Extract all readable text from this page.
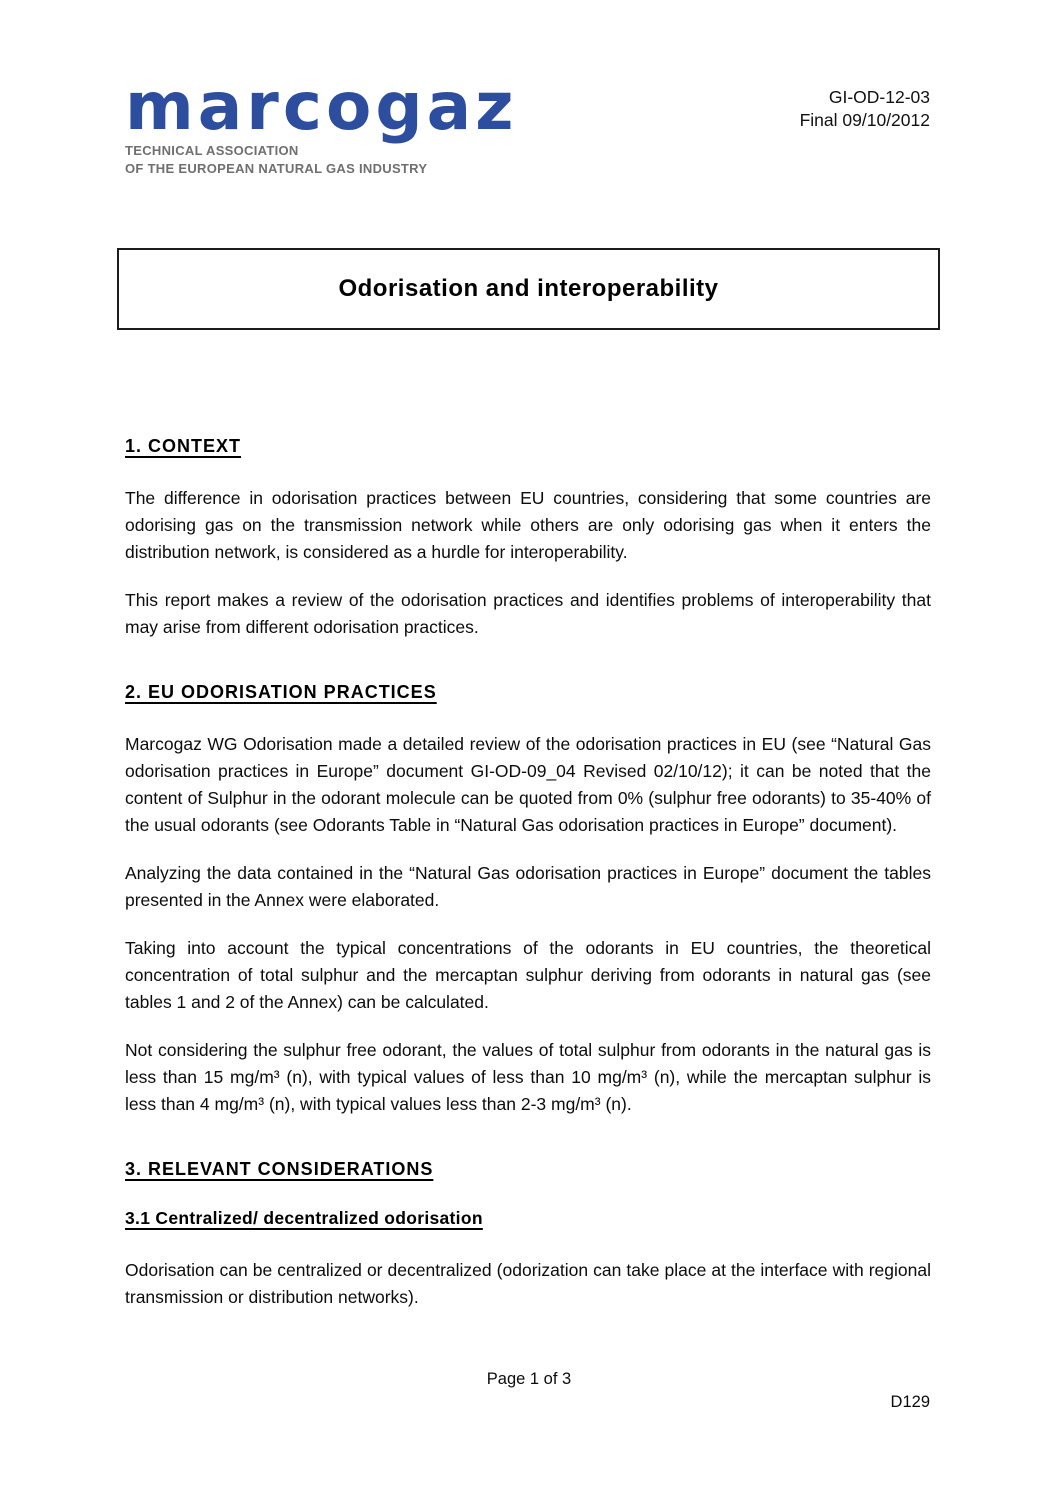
marcogaz
TECHNICAL ASSOCIATION
OF THE EUROPEAN NATURAL GAS INDUSTRY
GI-OD-12-03
Final 09/10/2012
Odorisation and interoperability
1. CONTEXT

The difference in odorisation practices between EU countries, considering that some countries are odorising gas on the transmission network while others are only odorising gas when it enters the distribution network, is considered as a hurdle for interoperability.

This report makes a review of the odorisation practices and identifies problems of interoperability that may arise from different odorisation practices.

2. EU ODORISATION PRACTICES

Marcogaz WG Odorisation made a detailed review of the odorisation practices in EU (see “Natural Gas odorisation practices in Europe” document GI-OD-09_04 Revised 02/10/12); it can be noted that the content of Sulphur in the odorant molecule can be quoted from 0% (sulphur free odorants) to 35-40% of the usual odorants (see Odorants Table in “Natural Gas odorisation practices in Europe” document).

Analyzing the data contained in the “Natural Gas odorisation practices in Europe” document the tables presented in the Annex were elaborated.

Taking into account the typical concentrations of the odorants in EU countries, the theoretical concentration of total sulphur and the mercaptan sulphur deriving from odorants in natural gas (see tables 1 and 2 of the Annex) can be calculated.

Not considering the sulphur free odorant, the values of total sulphur from odorants in the natural gas is less than 15 mg/m³ (n), with typical values of less than 10 mg/m³ (n), while the mercaptan sulphur is less than 4 mg/m³ (n), with typical values less than 2-3 mg/m³ (n).

3. RELEVANT CONSIDERATIONS
3.1 Centralized/ decentralized odorisation

Odorisation can be centralized or decentralized (odorization can take place at the interface with regional transmission or distribution networks).

Page 1 of 3
D129
